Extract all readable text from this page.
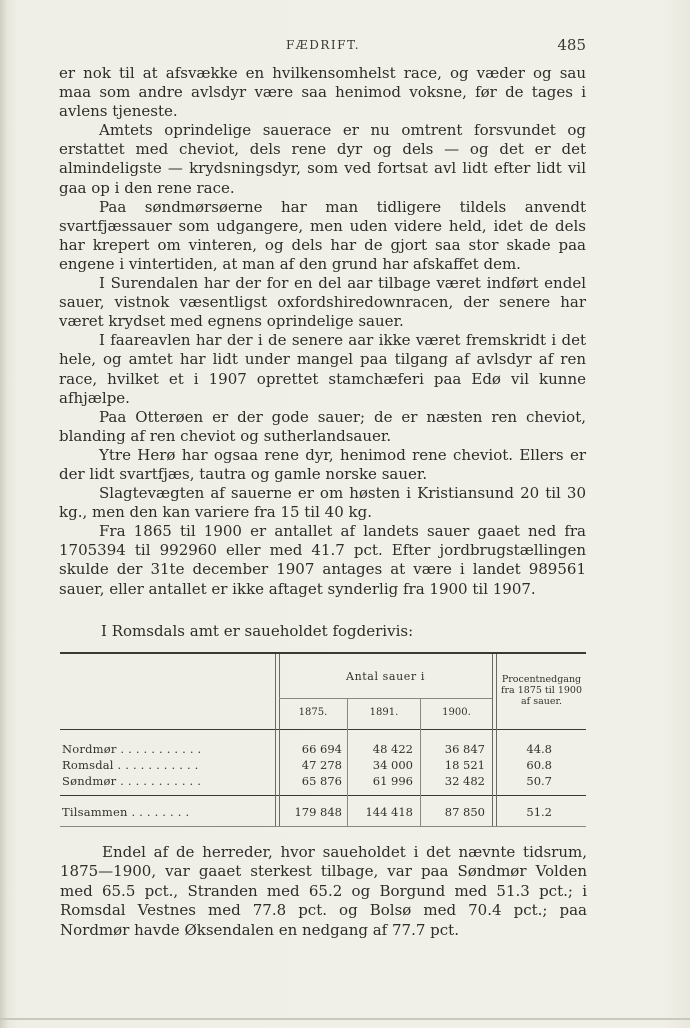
FÆDRIFT.	485

er nok til at afsvække en hvilkensomhelst race, og væder og sau maa som andre avlsdyr være saa henimod voksne, før de tages i avlens tjeneste.

Amtets oprindelige sauerace er nu omtrent forsvundet og erstattet med cheviot, dels rene dyr og dels — og det er det almindeligste — krydsningsdyr, som ved fortsat avl lidt efter lidt vil gaa op i den rene race.

Paa søndmørsøerne har man tidligere tildels anvendt svartfjæssauer som udgangere, men uden videre held, idet de dels har krepert om vinteren, og dels har de gjort saa stor skade paa engene i vintertiden, at man af den grund har afskaffet dem.

I Surendalen har der for en del aar tilbage været indført endel sauer, vistnok væsentligst oxfordshiredownracen, der senere har været krydset med egnens oprindelige sauer.

I faareavlen har der i de senere aar ikke været fremskridt i det hele, og amtet har lidt under mangel paa tilgang af avlsdyr af ren race, hvilket et i 1907 oprettet stamchæferi paa Edø vil kunne afhjælpe.

Paa Otterøen er der gode sauer; de er næsten ren cheviot, blanding af ren cheviot og sutherlandsauer.

Ytre Herø har ogsaa rene dyr, henimod rene cheviot. Ellers er der lidt svartfjæs, tautra og gamle norske sauer.

Slagtevægten af sauerne er om høsten i Kristiansund 20 til 30 kg., men den kan variere fra 15 til 40 kg.

Fra 1865 til 1900 er antallet af landets sauer gaaet ned fra 1705394 til 992960 eller med 41.7 pct. Efter jordbrugstællingen skulde der 31te december 1907 antages at være i landet 989561 sauer, eller antallet er ikke aftaget synderlig fra 1900 til 1907.

I Romsdals amt er saueholdet fogderivis:
Antal sauer i
1875.	1891.	1900.
Procentnedgang fra 1875 til 1900 af sauer.
Nordmør . . . . . . . . . . .	66 694	48 422	36 847	44.8
Romsdal . . . . . . . . . . .	47 278	34 000	18 521	60.8
Søndmør . . . . . . . . . . .	65 876	61 996	32 482	50.7
Tilsammen . . . . . . . .	179 848	144 418	87 850	51.2

Endel af de herreder, hvor saueholdet i det nævnte tidsrum, 1875—1900, var gaaet sterkest tilbage, var paa Søndmør Volden med 65.5 pct., Stranden med 65.2 og Borgund med 51.3 pct.; i Romsdal Vestnes med 77.8 pct. og Bolsø med 70.4 pct.; paa Nordmør havde Øksendalen en nedgang af 77.7 pct.
